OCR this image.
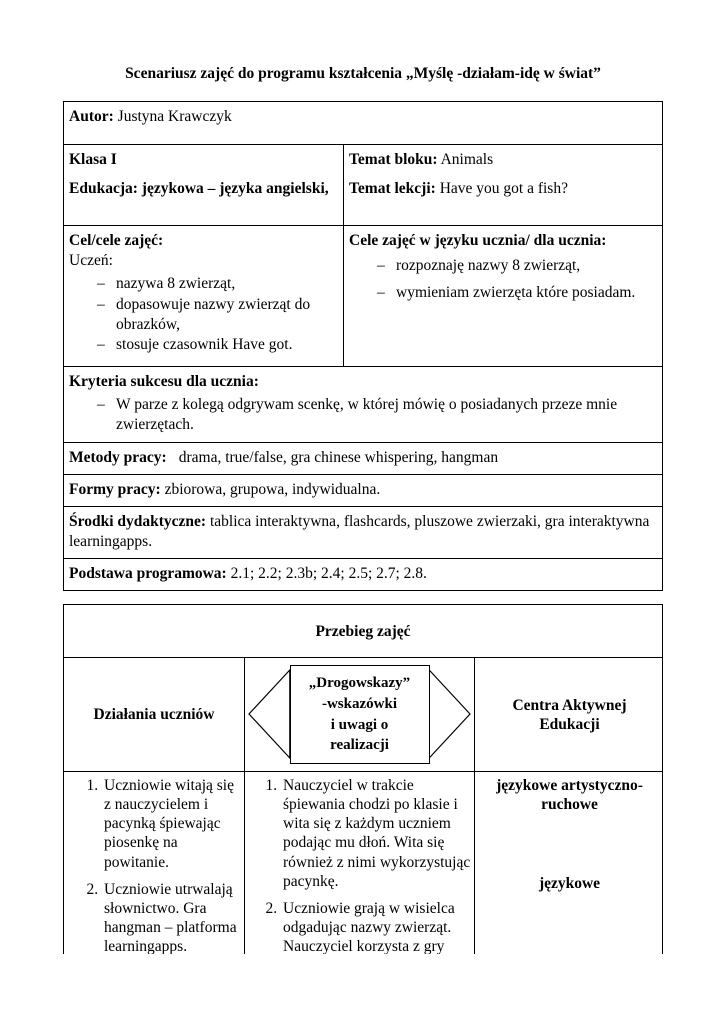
Scenariusz zajęć do programu kształcenia „Myślę -działam-idę w świat”

Autor: Justyna Krawczyk

Klasa I

Edukacja: językowa – języka angielski,

Temat bloku: Animals

Temat lekcji: Have you got a fish?

Cel/cele zajęć:

Uczeń:

– nazywa 8 zwierząt,
– dopasowuje nazwy zwierząt do obrazków,
– stosuje czasownik Have got.

Cele zajęć w języku ucznia/ dla ucznia:

– rozpoznaję nazwy 8 zwierząt,
– wymieniam zwierzęta które posiadam.

Kryteria sukcesu dla ucznia:

– W parze z kolegą odgrywam scenkę, w której mówię o posiadanych przeze mnie zwierzętach.

Metody pracy: drama, true/false, gra chinese whispering, hangman

Formy pracy: zbiorowa, grupowa, indywidualna.

Środki dydaktyczne: tablica interaktywna, flashcards, pluszowe zwierzaki, gra interaktywna learningapps.

Podstawa programowa: 2.1; 2.2; 2.3b; 2.4; 2.5; 2.7; 2.8.

Przebieg zajęć
Działania uczniów
„Drogowskazy”
-wskazówki
i uwagi o
realizacji
Centra Aktywnej Edukacji
1. Uczniowie witają się z nauczycielem i pacynką śpiewając piosenkę na powitanie.
2. Uczniowie utrwalają słownictwo. Gra hangman – platforma learningapps.
1. Nauczyciel w trakcie śpiewania chodzi po klasie i wita się z każdym uczniem podając mu dłoń. Wita się również z nimi wykorzystując pacynkę.
2. Uczniowie grają w wisielca odgadując nazwy zwierząt. Nauczyciel korzysta z gry
językowe artystyczno-ruchowe
językowe
